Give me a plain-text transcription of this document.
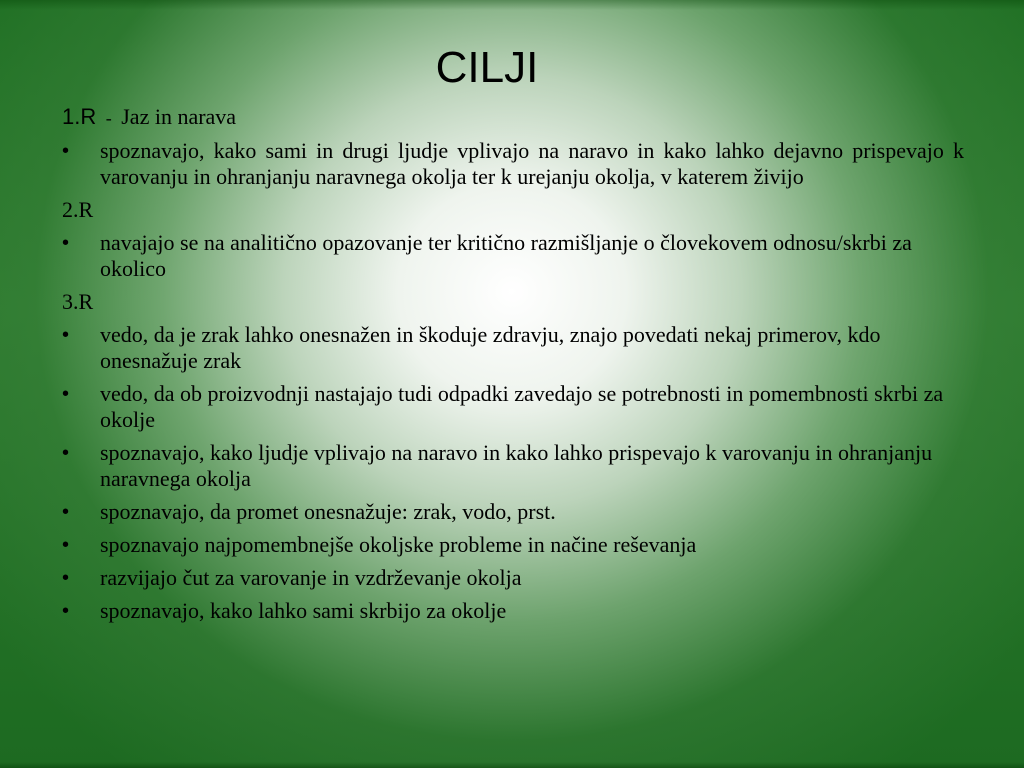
CILJI
1.R - Jaz in narava
•	spoznavajo, kako sami in drugi ljudje vplivajo na naravo in kako lahko dejavno prispevajo k varovanju in ohranjanju naravnega okolja ter k urejanju okolja, v katerem živijo
2.R
•	navajajo se na analitično opazovanje ter kritično razmišljanje o človekovem odnosu/skrbi za okolico
3.R
•	vedo, da je zrak lahko onesnažen in škoduje zdravju, znajo povedati nekaj primerov, kdo onesnažuje zrak
•	vedo, da ob proizvodnji nastajajo tudi odpadki zavedajo se potrebnosti in pomembnosti skrbi za okolje
•	spoznavajo, kako ljudje vplivajo na naravo in kako lahko prispevajo k varovanju in ohranjanju naravnega okolja
•	spoznavajo, da promet onesnažuje: zrak, vodo, prst.
•	spoznavajo najpomembnejše okoljske probleme in načine reševanja
•	razvijajo čut za varovanje in vzdrževanje okolja
•	spoznavajo, kako lahko sami skrbijo za okolje
